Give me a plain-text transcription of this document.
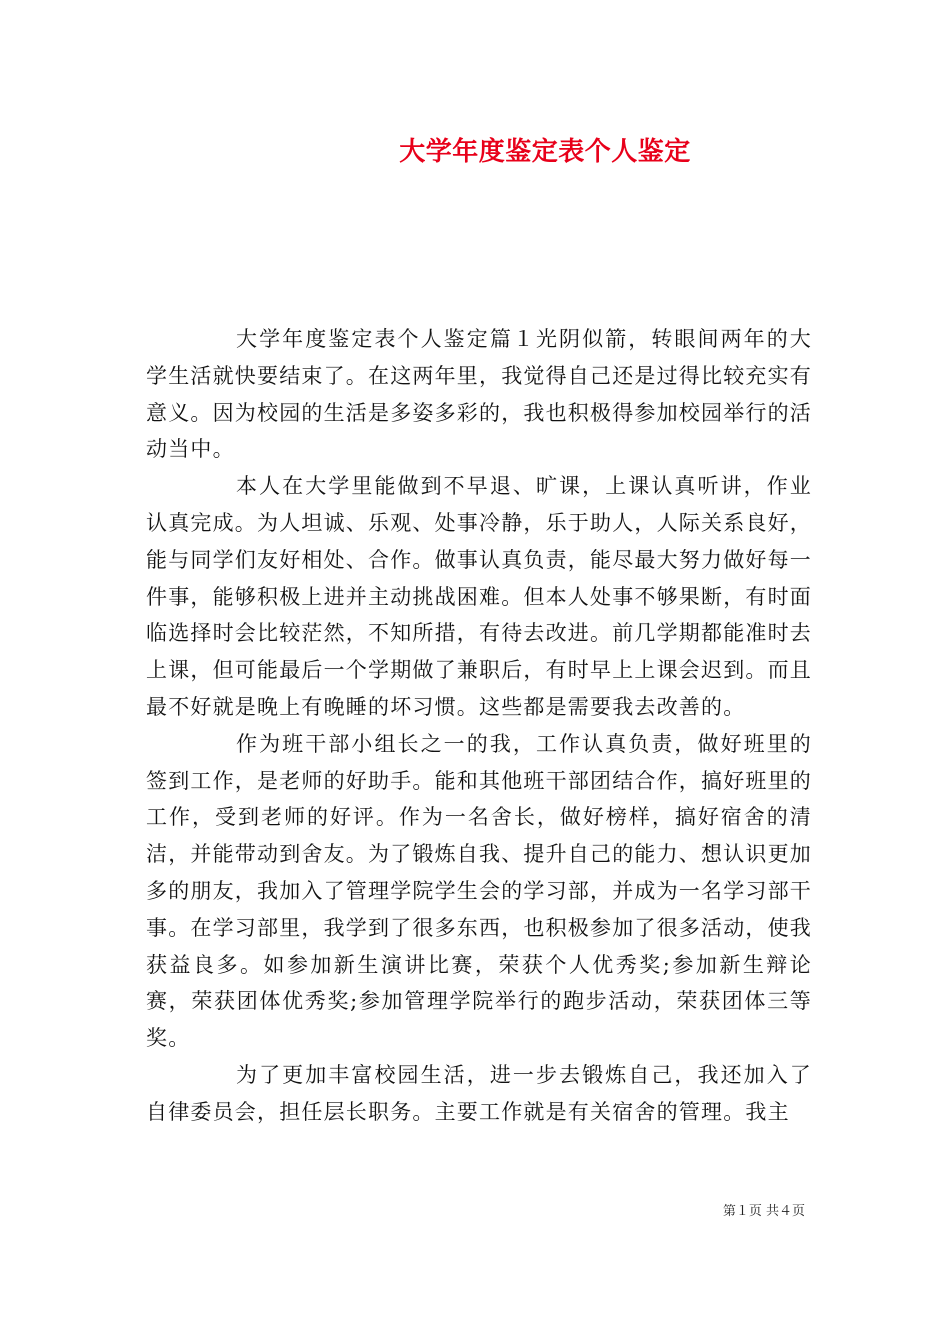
大学年度鉴定表个人鉴定

大学年度鉴定表个人鉴定篇１光阴似箭，转眼间两年的大学生活就快要结束了。在这两年里，我觉得自己还是过得比较充实有意义。因为校园的生活是多姿多彩的，我也积极得参加校园举行的活动当中。

本人在大学里能做到不早退、旷课，上课认真听讲，作业认真完成。为人坦诚、乐观、处事冷静，乐于助人，人际关系良好，能与同学们友好相处、合作。做事认真负责，能尽最大努力做好每一件事，能够积极上进并主动挑战困难。但本人处事不够果断，有时面临选择时会比较茫然，不知所措，有待去改进。前几学期都能准时去上课，但可能最后一个学期做了兼职后，有时早上上课会迟到。而且最不好就是晚上有晚睡的坏习惯。这些都是需要我去改善的。

作为班干部小组长之一的我，工作认真负责，做好班里的签到工作，是老师的好助手。能和其他班干部团结合作，搞好班里的工作，受到老师的好评。作为一名舍长，做好榜样，搞好宿舍的清洁，并能带动到舍友。为了锻炼自我、提升自己的能力、想认识更加多的朋友，我加入了管理学院学生会的学习部，并成为一名学习部干事。在学习部里，我学到了很多东西，也积极参加了很多活动，使我获益良多。如参加新生演讲比赛，荣获个人优秀奖;参加新生辩论赛，荣获团体优秀奖;参加管理学院举行的跑步活动，荣获团体三等奖。

为了更加丰富校园生活，进一步去锻炼自己，我还加入了自律委员会，担任层长职务。主要工作就是有关宿舍的管理。我主

第１页 共４页
